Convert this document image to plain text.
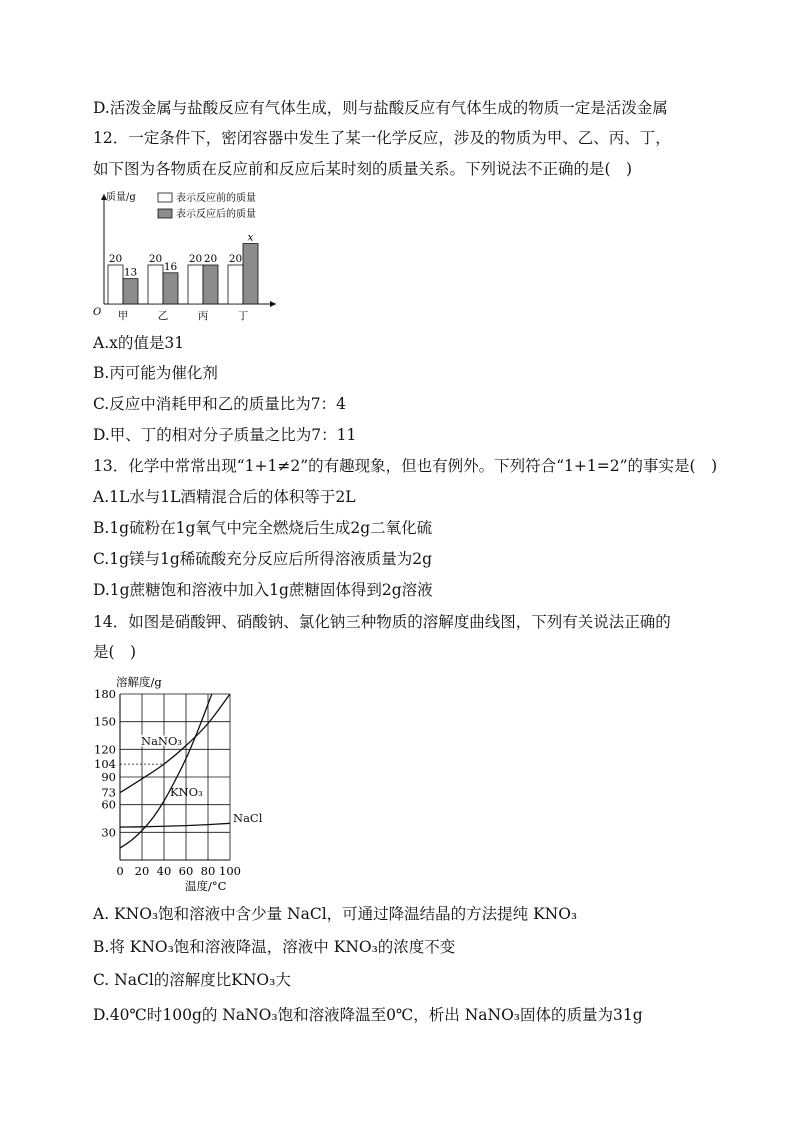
D.活泼金属与盐酸反应有气体生成，则与盐酸反应有气体生成的物质一定是活泼金属
12．一定条件下，密闭容器中发生了某一化学反应，涉及的物质为甲、乙、丙、丁，
如下图为各物质在反应前和反应后某时刻的质量关系。下列说法不正确的是(　)
质量/g
O
表示反应前的质量
表示反应后的质量
20
13
甲
20
16
乙
20 20
丙
20
x
丁
A.x的值是31
B.丙可能为催化剂
C.反应中消耗甲和乙的质量比为7：4
D.甲、丁的相对分子质量之比为7：11
13．化学中常常出现“1+1≠2”的有趣现象，但也有例外。下列符合“1+1=2”的事实是(　)
A.1L水与1L酒精混合后的体积等于2L
B.1g硫粉在1g氧气中完全燃烧后生成2g二氧化硫
C.1g镁与1g稀硫酸充分反应后所得溶液质量为2g
D.1g蔗糖饱和溶液中加入1g蔗糖固体得到2g溶液
14．如图是硝酸钾、硝酸钠、氯化钠三种物质的溶解度曲线图，下列有关说法正确的
是(　)
溶解度/g
0 20 40 60 80 100
30
60
73
90
104
120
150
180
NaNO₃
KNO₃
NaCl
温度/°C
A. KNO₃饱和溶液中含少量 NaCl，可通过降温结晶的方法提纯 KNO₃
B.将 KNO₃饱和溶液降温，溶液中 KNO₃的浓度不变
C. NaCl的溶解度比KNO₃大
D.40℃时100g的 NaNO₃饱和溶液降温至0℃，析出 NaNO₃固体的质量为31g
